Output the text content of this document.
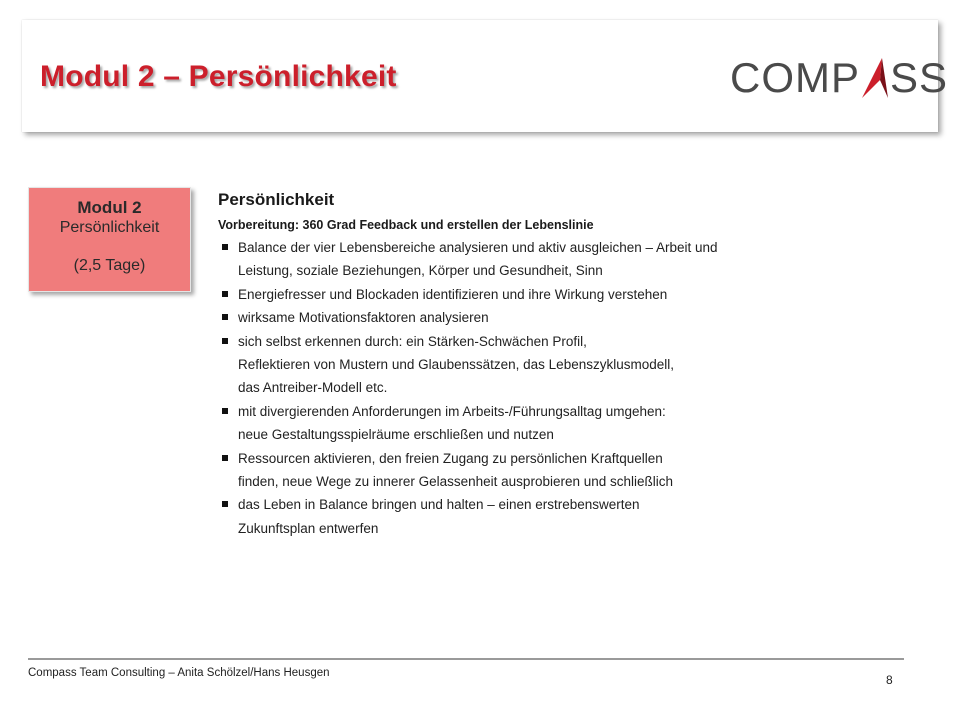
Modul 2 – Persönlichkeit	COMP SS
Modul 2
Persönlichkeit
(2,5 Tage)
Persönlichkeit
Vorbereitung: 360 Grad Feedback und erstellen der Lebenslinie
Balance der vier Lebensbereiche analysieren und aktiv ausgleichen – Arbeit und
Leistung, soziale Beziehungen, Körper und Gesundheit, Sinn
Energiefresser und Blockaden identifizieren und ihre Wirkung verstehen
wirksame Motivationsfaktoren analysieren
sich selbst erkennen durch: ein Stärken-Schwächen Profil,
Reflektieren von Mustern und Glaubenssätzen, das Lebenszyklusmodell,
das Antreiber-Modell etc.
mit divergierenden Anforderungen im Arbeits-/Führungsalltag umgehen:
neue Gestaltungsspielräume erschließen und nutzen
Ressourcen aktivieren, den freien Zugang zu persönlichen Kraftquellen
finden, neue Wege zu innerer Gelassenheit ausprobieren und schließlich
das Leben in Balance bringen und halten – einen erstrebenswerten
Zukunftsplan entwerfen
Compass Team Consulting – Anita Schölzel/Hans Heusgen	8
